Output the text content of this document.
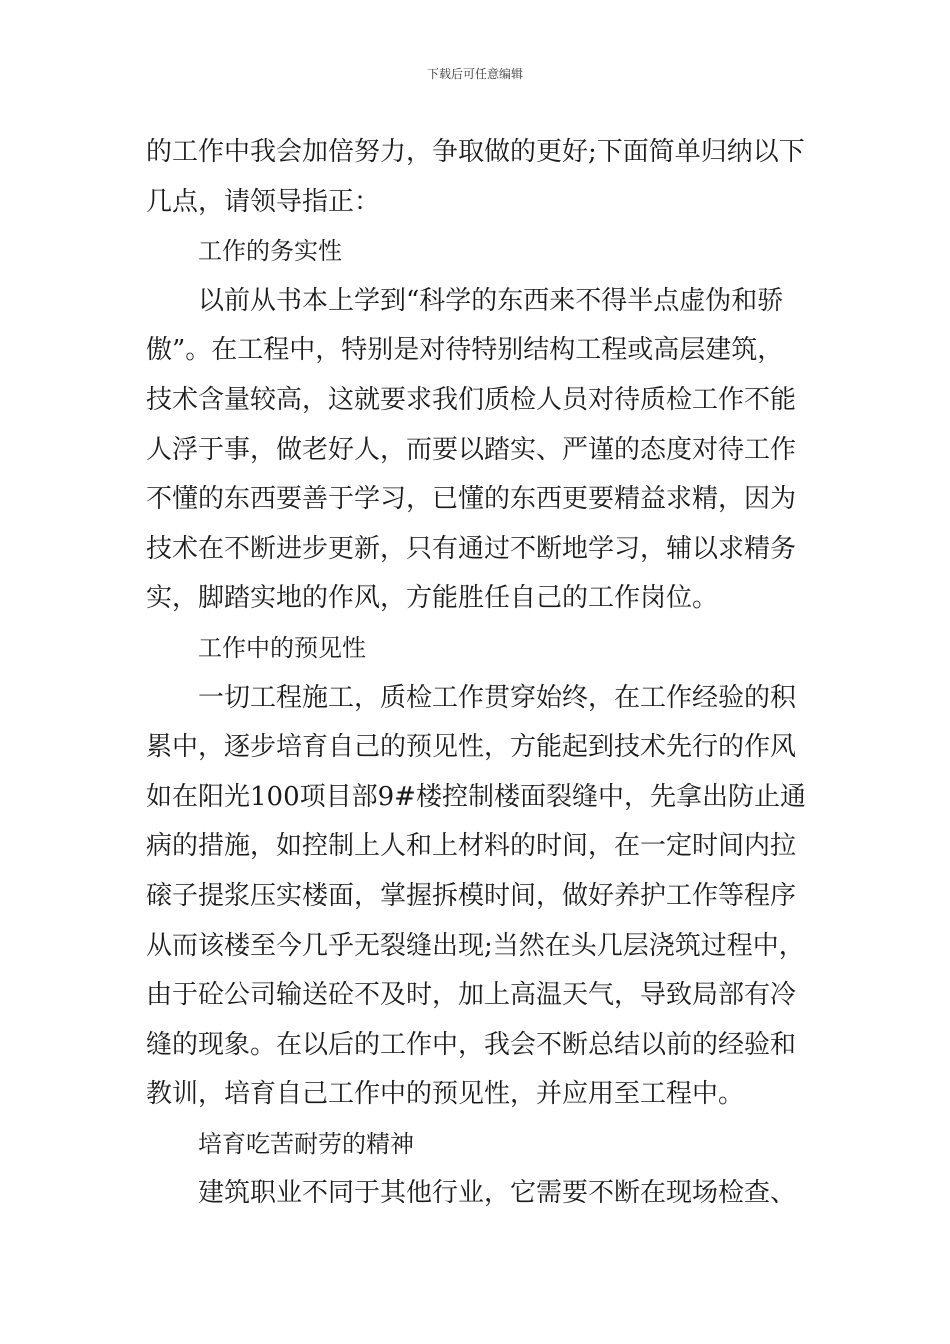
下载后可任意编辑
的工作中我会加倍努力，争取做的更好;下面简单归纳以下
几点，请领导指正：
工作的务实性
以前从书本上学到“科学的东西来不得半点虚伪和骄
傲”。在工程中，特别是对待特别结构工程或高层建筑，
技术含量较高，这就要求我们质检人员对待质检工作不能
人浮于事，做老好人，而要以踏实、严谨的态度对待工作
不懂的东西要善于学习，已懂的东西更要精益求精，因为
技术在不断进步更新，只有通过不断地学习，辅以求精务
实，脚踏实地的作风，方能胜任自己的工作岗位。
工作中的预见性
一切工程施工，质检工作贯穿始终，在工作经验的积
累中，逐步培育自己的预见性，方能起到技术先行的作风
如在阳光100项目部9#楼控制楼面裂缝中，先拿出防止通
病的措施，如控制上人和上材料的时间，在一定时间内拉
磙子提浆压实楼面，掌握拆模时间，做好养护工作等程序
从而该楼至今几乎无裂缝出现;当然在头几层浇筑过程中，
由于砼公司输送砼不及时，加上高温天气，导致局部有冷
缝的现象。在以后的工作中，我会不断总结以前的经验和
教训，培育自己工作中的预见性，并应用至工程中。
培育吃苦耐劳的精神
建筑职业不同于其他行业，它需要不断在现场检查、
